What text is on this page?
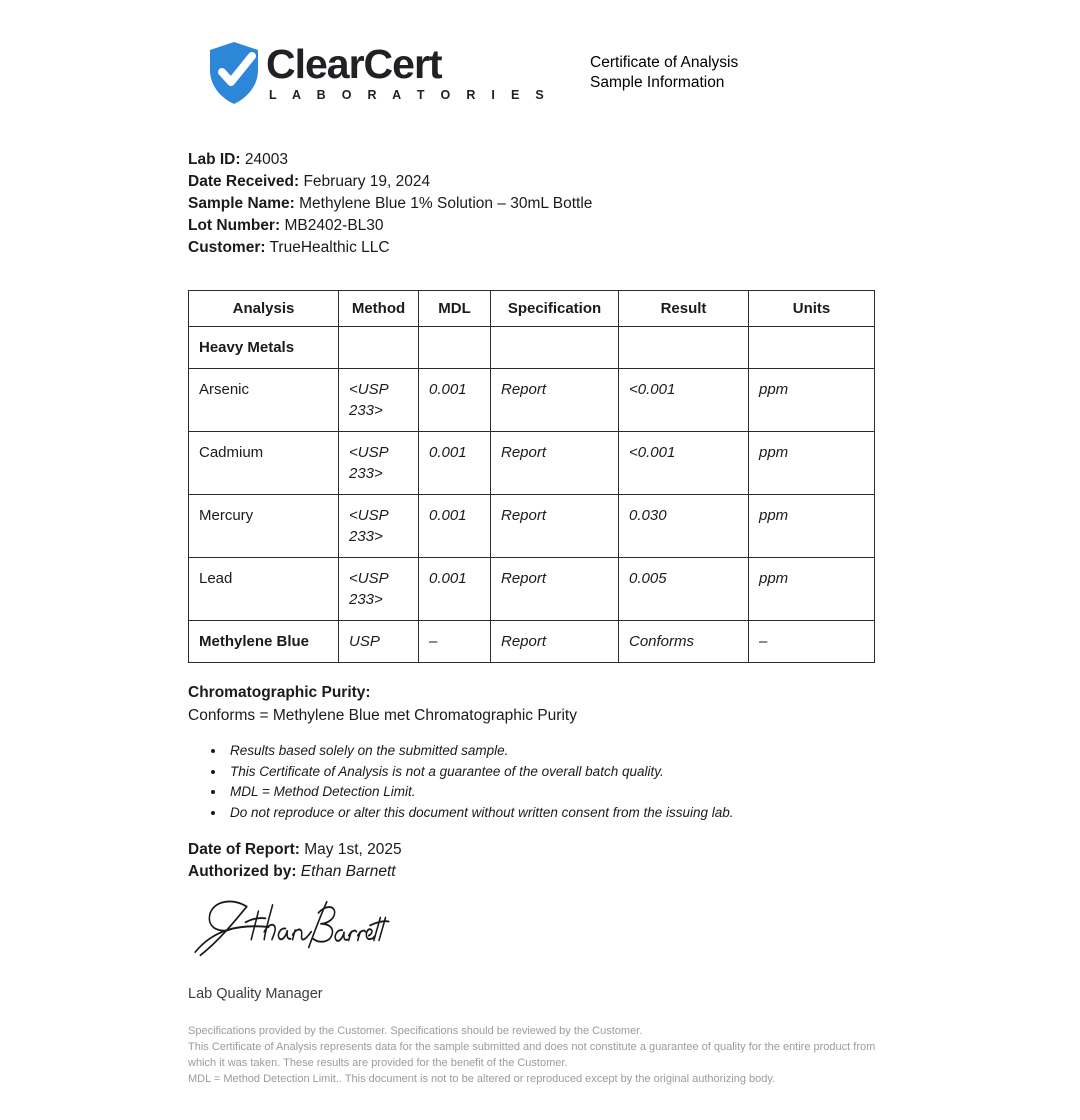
ClearCert
L A B O R A T O R I E S
Certificate of Analysis
Sample Information
Lab ID: 24003
Date Received: February 19, 2024
Sample Name: Methylene Blue 1% Solution – 30mL Bottle
Lot Number: MB2402-BL30
Customer: TrueHealthic LLC
Analysis	Method	MDL	Specification	Result	Units
Heavy Metals					
Arsenic	<USP 233>	0.001	Report	<0.001	ppm
Cadmium	<USP 233>	0.001	Report	<0.001	ppm
Mercury	<USP 233>	0.001	Report	0.030	ppm
Lead	<USP 233>	0.001	Report	0.005	ppm
Methylene Blue	USP	–	Report	Conforms	–
Chromatographic Purity:
Conforms = Methylene Blue met Chromatographic Purity
• Results based solely on the submitted sample.
• This Certificate of Analysis is not a guarantee of the overall batch quality.
• MDL = Method Detection Limit.
• Do not reproduce or alter this document without written consent from the issuing lab.
Date of Report: May 1st, 2025
Authorized by: Ethan Barnett
Lab Quality Manager
Specifications provided by the Customer. Specifications should be reviewed by the Customer.
This Certificate of Analysis represents data for the sample submitted and does not constitute a guarantee of quality for the entire product from which it was taken. These results are provided for the benefit of the Customer.
MDL = Method Detection Limit.. This document is not to be altered or reproduced except by the original authorizing body.
